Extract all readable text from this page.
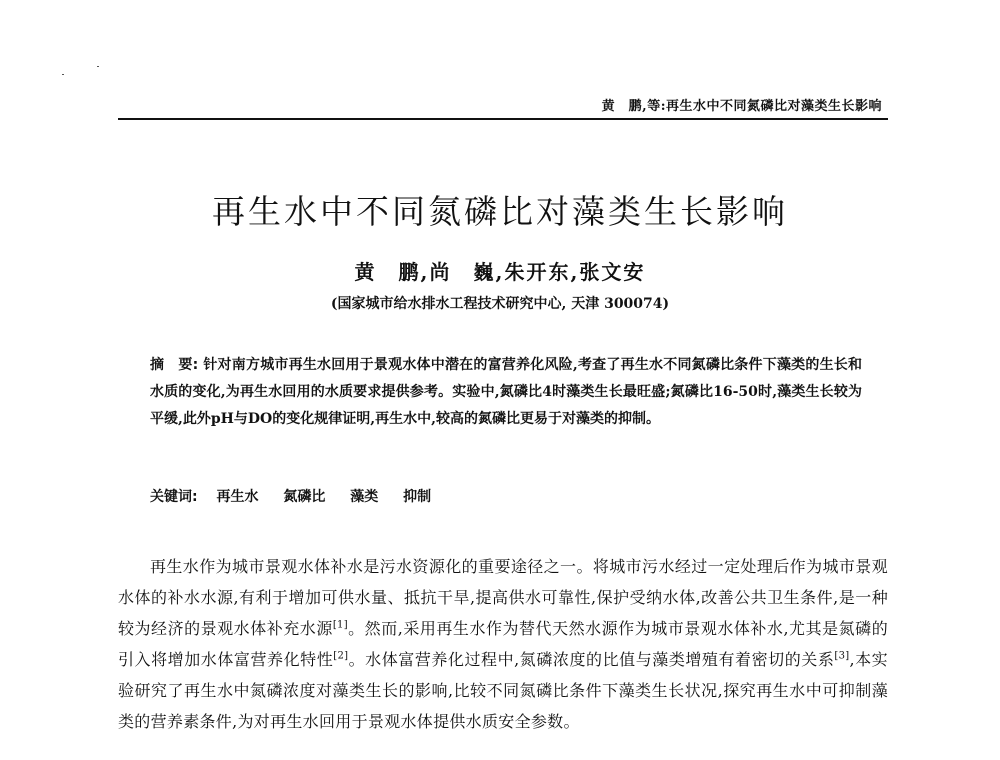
黄　鹏,等:再生水中不同氮磷比对藻类生长影响
再生水中不同氮磷比对藻类生长影响
黄　鹏,尚　巍,朱开东,张文安
(国家城市给水排水工程技术研究中心, 天津 300074)
摘　要: 针对南方城市再生水回用于景观水体中潜在的富营养化风险,考查了再生水不同氮磷比条件下藻类的生长和水质的变化,为再生水回用的水质要求提供参考。实验中,氮磷比4时藻类生长最旺盛;氮磷比16-50时,藻类生长较为平缓,此外pH与DO的变化规律证明,再生水中,较高的氮磷比更易于对藻类的抑制。
关键词: 再生水 氮磷比 藻类 抑制
再生水作为城市景观水体补水是污水资源化的重要途径之一。将城市污水经过一定处理后作为城市景观水体的补水水源,有利于增加可供水量、抵抗干旱,提高供水可靠性,保护受纳水体,改善公共卫生条件,是一种较为经济的景观水体补充水源[1]。然而,采用再生水作为替代天然水源作为城市景观水体补水,尤其是氮磷的引入将增加水体富营养化特性[2]。水体富营养化过程中,氮磷浓度的比值与藻类增殖有着密切的关系[3],本实验研究了再生水中氮磷浓度对藻类生长的影响,比较不同氮磷比条件下藻类生长状况,探究再生水中可抑制藻类的营养素条件,为对再生水回用于景观水体提供水质安全参数。
